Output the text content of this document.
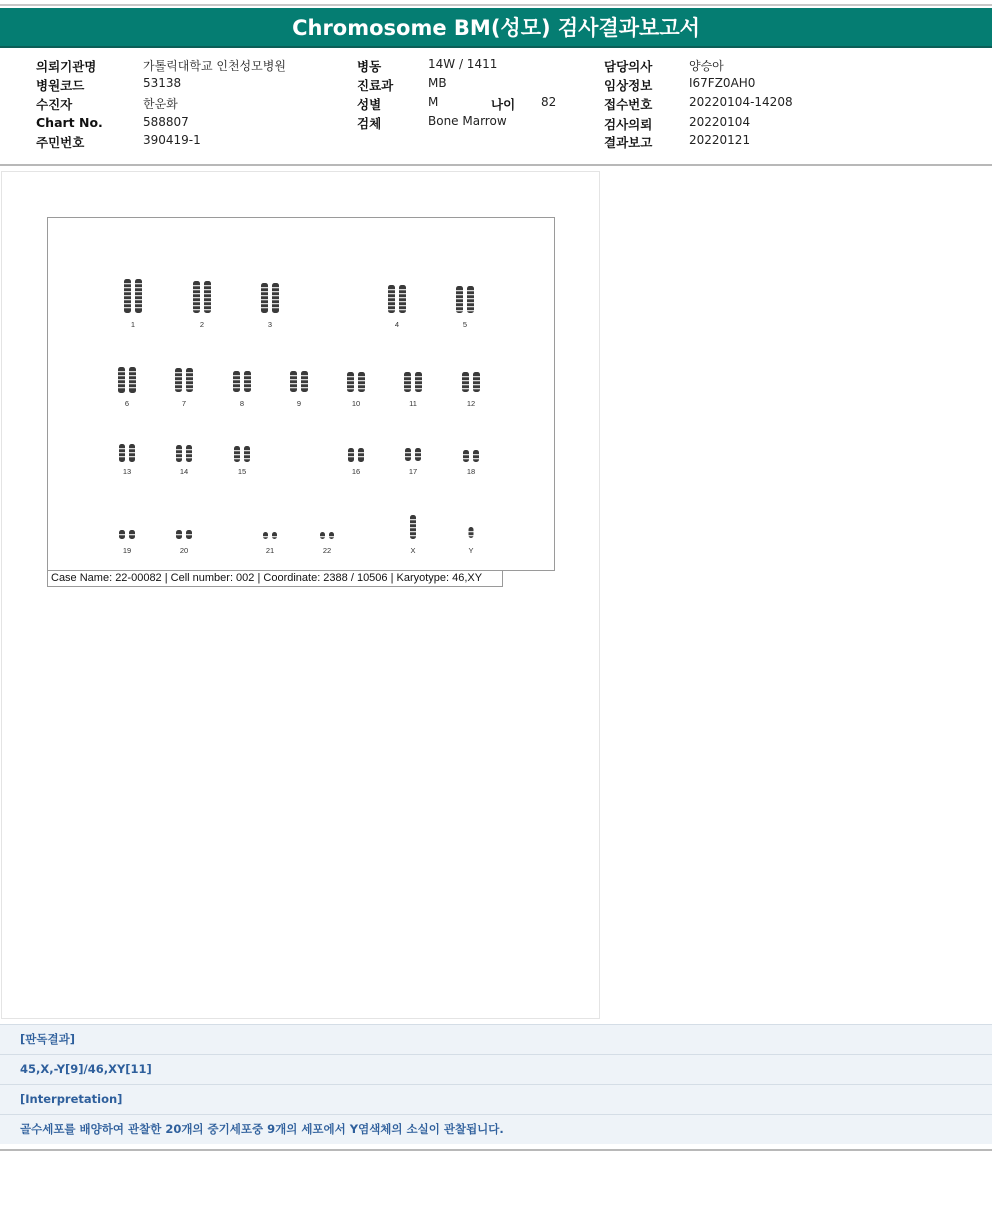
Chromosome BM(성모) 검사결과보고서
의뢰기관명	가톨릭대학교 인천성모병원
병원코드	53138
수진자	한운화
Chart No.	588807
주민번호	390419-1
병동	14W / 1411
진료과	MB
성별	M	나이 82
검체	Bone Marrow
담당의사	양승아
임상정보	I67FZ0AH0
접수번호	20220104-14208
검사의뢰	20220104
결과보고	20220121
1	2	3	4	5
6	7	8	9	10	11	12
13	14	15	16	17	18
19	20	21	22	X	Y
Case Name: 22-00082 | Cell number: 002 | Coordinate: 2388 / 10506 | Karyotype: 46,XY
[판독결과]
45,X,-Y[9]/46,XY[11]
[Interpretation]
골수세포를 배양하여 관찰한 20개의 중기세포중 9개의 세포에서 Y염색체의 소실이 관찰됩니다.
